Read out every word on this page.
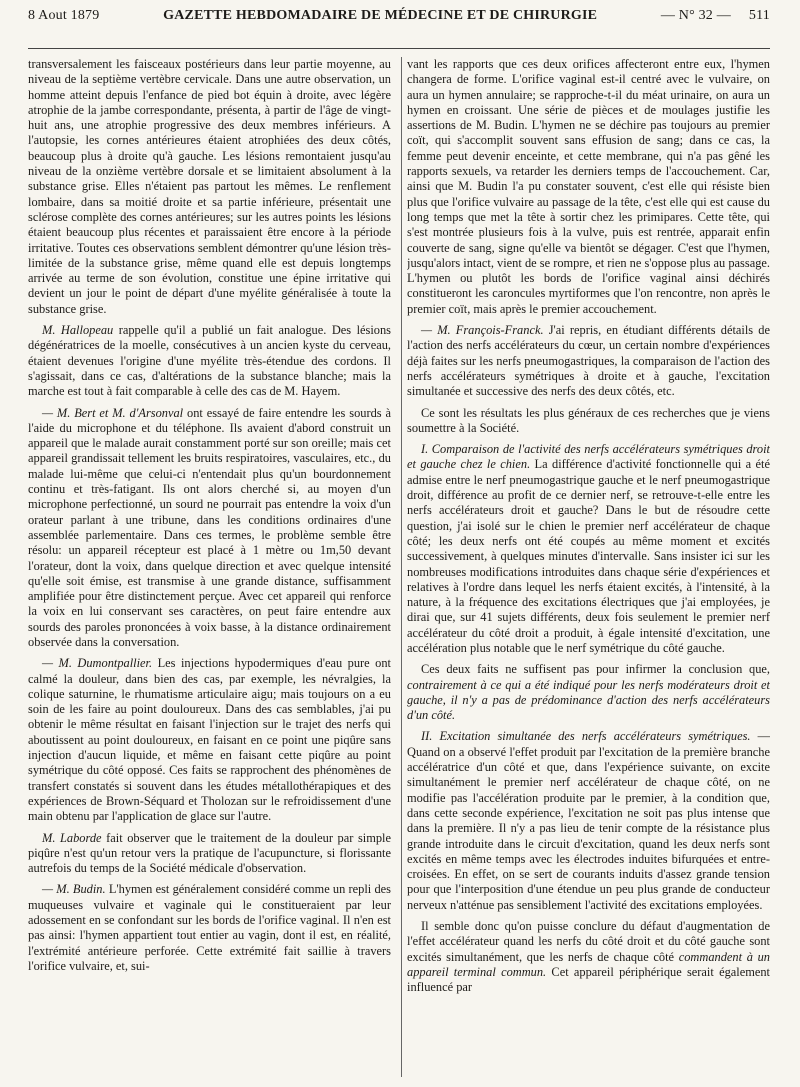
8 Aout 1879	GAZETTE HEBDOMADAIRE DE MÉDECINE ET DE CHIRURGIE	— N° 32 — 511

transversalement les faisceaux postérieurs dans leur partie moyenne, au niveau de la septième vertèbre cervicale. Dans une autre observation, un homme atteint depuis l'enfance de pied bot équin à droite, avec légère atrophie de la jambe correspondante, présenta, à partir de l'âge de vingt-huit ans, une atrophie progressive des deux membres inférieurs. A l'autopsie, les cornes antérieures étaient atrophiées des deux côtés, beaucoup plus à droite qu'à gauche. Les lésions remontaient jusqu'au niveau de la onzième vertèbre dorsale et se limitaient absolument à la substance grise. Elles n'étaient pas partout les mêmes. Le renflement lombaire, dans sa moitié droite et sa partie inférieure, présentait une sclérose complète des cornes antérieures; sur les autres points les lésions étaient beaucoup plus récentes et paraissaient être encore à la période irritative. Toutes ces observations semblent démontrer qu'une lésion très-limitée de la substance grise, même quand elle est depuis longtemps arrivée au terme de son évolution, constitue une épine irritative qui devient un jour le point de départ d'une myélite généralisée à toute la substance grise.

M. Hallopeau rappelle qu'il a publié un fait analogue. Des lésions dégénératrices de la moelle, consécutives à un ancien kyste du cerveau, étaient devenues l'origine d'une myélite très-étendue des cordons. Il s'agissait, dans ce cas, d'altérations de la substance blanche; mais la marche est tout à fait comparable à celle des cas de M. Hayem.

— M. Bert et M. d'Arsonval ont essayé de faire entendre les sourds à l'aide du microphone et du téléphone. Ils avaient d'abord construit un appareil que le malade aurait constamment porté sur son oreille; mais cet appareil grandissait tellement les bruits respiratoires, vasculaires, etc., du malade lui-même que celui-ci n'entendait plus qu'un bourdonnement continu et très-fatigant. Ils ont alors cherché si, au moyen d'un microphone perfectionné, un sourd ne pourrait pas entendre la voix d'un orateur parlant à une tribune, dans les conditions ordinaires d'une assemblée parlementaire. Dans ces termes, le problème semble être résolu: un appareil récepteur est placé à 1 mètre ou 1m,50 devant l'orateur, dont la voix, dans quelque direction et avec quelque intensité qu'elle soit émise, est transmise à une grande distance, suffisamment amplifiée pour être distinctement perçue. Avec cet appareil qui renforce la voix en lui conservant ses caractères, on peut faire entendre aux sourds des paroles prononcées à voix basse, à la distance ordinairement observée dans la conversation.

— M. Dumontpallier. Les injections hypodermiques d'eau pure ont calmé la douleur, dans bien des cas, par exemple, les névralgies, la colique saturnine, le rhumatisme articulaire aigu; mais toujours on a eu soin de les faire au point douloureux. Dans des cas semblables, j'ai pu obtenir le même résultat en faisant l'injection sur le trajet des nerfs qui aboutissent au point douloureux, en faisant en ce point une piqûre sans injection d'aucun liquide, et même en faisant cette piqûre au point symétrique du côté opposé. Ces faits se rapprochent des phénomènes de transfert constatés si souvent dans les études métallothérapiques et des expériences de Brown-Séquard et Tholozan sur le refroidissement d'une main obtenu par l'application de glace sur l'autre.

M. Laborde fait observer que le traitement de la douleur par simple piqûre n'est qu'un retour vers la pratique de l'acupuncture, si florissante autrefois du temps de la Société médicale d'observation.

— M. Budin. L'hymen est généralement considéré comme un repli des muqueuses vulvaire et vaginale qui le constitueraient par leur adossement en se confondant sur les bords de l'orifice vaginal. Il n'en est pas ainsi: l'hymen appartient tout entier au vagin, dont il est, en réalité, l'extrémité antérieure perforée. Cette extrémité fait saillie à travers l'orifice vulvaire, et, sui-

vant les rapports que ces deux orifices affecteront entre eux, l'hymen changera de forme. L'orifice vaginal est-il centré avec le vulvaire, on aura un hymen annulaire; se rapproche-t-il du méat urinaire, on aura un hymen en croissant. Une série de pièces et de moulages justifie les assertions de M. Budin. L'hymen ne se déchire pas toujours au premier coït, qui s'accomplit souvent sans effusion de sang; dans ce cas, la femme peut devenir enceinte, et cette membrane, qui n'a pas gêné les rapports sexuels, va retarder les derniers temps de l'accouchement. Car, ainsi que M. Budin l'a pu constater souvent, c'est elle qui résiste bien plus que l'orifice vulvaire au passage de la tête, c'est elle qui est cause du long temps que met la tête à sortir chez les primipares. Cette tête, qui s'est montrée plusieurs fois à la vulve, puis est rentrée, apparait enfin couverte de sang, signe qu'elle va bientôt se dégager. C'est que l'hymen, jusqu'alors intact, vient de se rompre, et rien ne s'oppose plus au passage. L'hymen ou plutôt les bords de l'orifice vaginal ainsi déchirés constitueront les caroncules myrtiformes que l'on rencontre, non après le premier coït, mais après le premier accouchement.

— M. François-Franck. J'ai repris, en étudiant différents détails de l'action des nerfs accélérateurs du cœur, un certain nombre d'expériences déjà faites sur les nerfs pneumogastriques, la comparaison de l'action des nerfs accélérateurs symétriques à droite et à gauche, l'excitation simultanée et successive des nerfs des deux côtés, etc.

Ce sont les résultats les plus généraux de ces recherches que je viens soumettre à la Société.

I. Comparaison de l'activité des nerfs accélérateurs symétriques droit et gauche chez le chien. La différence d'activité fonctionnelle qui a été admise entre le nerf pneumogastrique gauche et le nerf pneumogastrique droit, différence au profit de ce dernier nerf, se retrouve-t-elle entre les nerfs accélérateurs droit et gauche? Dans le but de résoudre cette question, j'ai isolé sur le chien le premier nerf accélérateur de chaque côté; les deux nerfs ont été coupés au même moment et excités successivement, à quelques minutes d'intervalle. Sans insister ici sur les nombreuses modifications introduites dans chaque série d'expériences et relatives à l'ordre dans lequel les nerfs étaient excités, à l'intensité, à la nature, à la fréquence des excitations électriques que j'ai employées, je dirai que, sur 41 sujets différents, deux fois seulement le premier nerf accélérateur du côté droit a produit, à égale intensité d'excitation, une accélération plus notable que le nerf symétrique du côté gauche.

Ces deux faits ne suffisent pas pour infirmer la conclusion que, contrairement à ce qui a été indiqué pour les nerfs modérateurs droit et gauche, il n'y a pas de prédominance d'action des nerfs accélérateurs d'un côté.

II. Excitation simultanée des nerfs accélérateurs symétriques. — Quand on a observé l'effet produit par l'excitation de la première branche accélératrice d'un côté et que, dans l'expérience suivante, on excite simultanément le premier nerf accélérateur de chaque côté, on ne modifie pas l'accélération produite par le premier, à la condition que, dans cette seconde expérience, l'excitation ne soit pas plus intense que dans la première. Il n'y a pas lieu de tenir compte de la résistance plus grande introduite dans le circuit d'excitation, quand les deux nerfs sont excités en même temps avec les électrodes induites bifurquées et entre-croisées. En effet, on se sert de courants induits d'assez grande tension pour que l'interposition d'une étendue un peu plus grande de conducteur nerveux n'atténue pas sensiblement l'activité des excitations employées.

Il semble donc qu'on puisse conclure du défaut d'augmentation de l'effet accélérateur quand les nerfs du côté droit et du côté gauche sont excités simultanément, que les nerfs de chaque côté commandent à un appareil terminal commun. Cet appareil périphérique serait également influencé par
